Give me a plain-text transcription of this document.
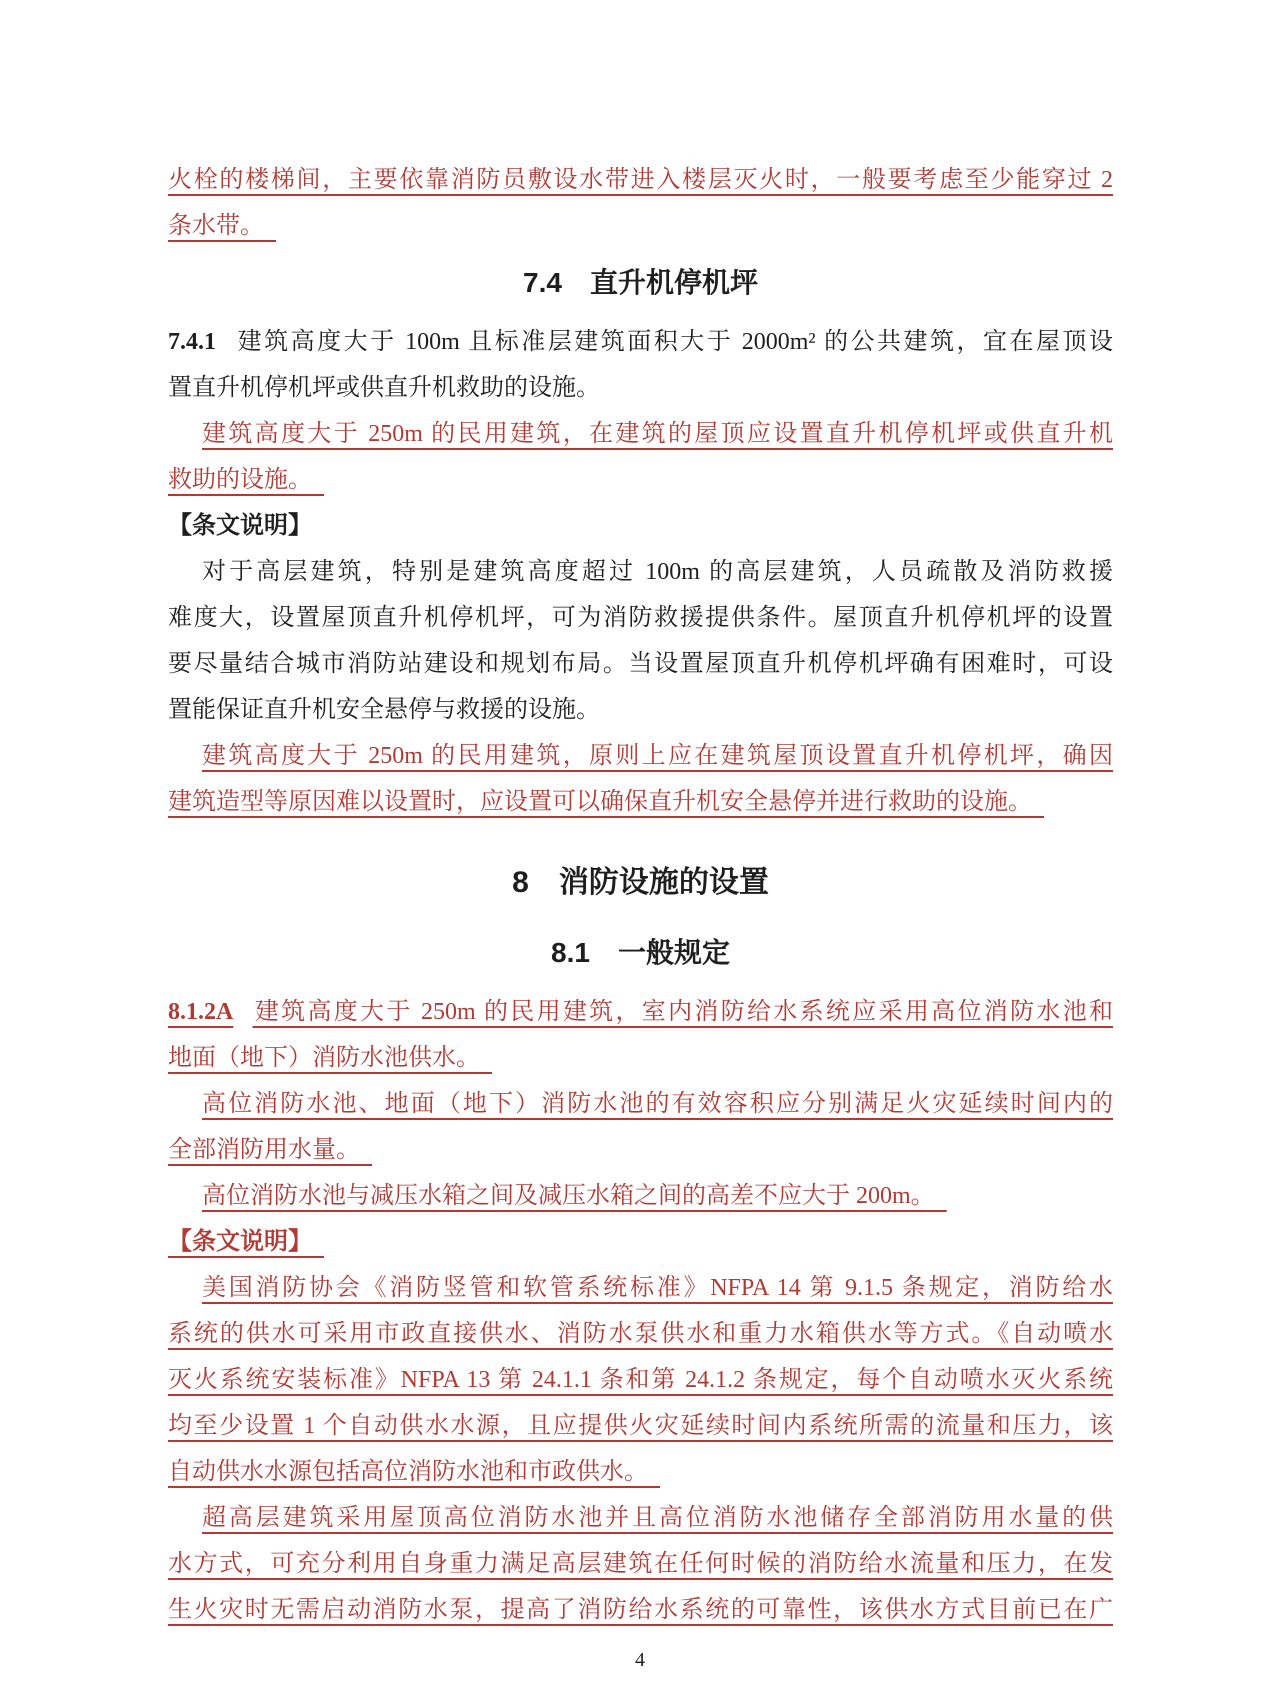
火栓的楼梯间，主要依靠消防员敷设水带进入楼层灭火时，一般要考虑至少能穿过 2
条水带。　
7.4　直升机停机坪
7.4.1 建筑高度大于 100m 且标准层建筑面积大于 2000m² 的公共建筑，宜在屋顶设
置直升机停机坪或供直升机救助的设施。
建筑高度大于 250m 的民用建筑，在建筑的屋顶应设置直升机停机坪或供直升机
救助的设施。　
【条文说明】
对于高层建筑，特别是建筑高度超过 100m 的高层建筑，人员疏散及消防救援
难度大，设置屋顶直升机停机坪，可为消防救援提供条件。屋顶直升机停机坪的设置
要尽量结合城市消防站建设和规划布局。当设置屋顶直升机停机坪确有困难时，可设
置能保证直升机安全悬停与救援的设施。
建筑高度大于 250m 的民用建筑，原则上应在建筑屋顶设置直升机停机坪，确因
建筑造型等原因难以设置时，应设置可以确保直升机安全悬停并进行救助的设施。　
8　消防设施的设置
8.1　一般规定
8.1.2A 建筑高度大于 250m 的民用建筑，室内消防给水系统应采用高位消防水池和
地面（地下）消防水池供水。　
高位消防水池、地面（地下）消防水池的有效容积应分别满足火灾延续时间内的
全部消防用水量。　
高位消防水池与减压水箱之间及减压水箱之间的高差不应大于 200m。　
【条文说明】　
美国消防协会《消防竖管和软管系统标准》NFPA 14 第 9.1.5 条规定，消防给水
系统的供水可采用市政直接供水、消防水泵供水和重力水箱供水等方式。《自动喷水
灭火系统安装标准》NFPA 13 第 24.1.1 条和第 24.1.2 条规定，每个自动喷水灭火系统
均至少设置 1 个自动供水水源，且应提供火灾延续时间内系统所需的流量和压力，该
自动供水水源包括高位消防水池和市政供水。　
超高层建筑采用屋顶高位消防水池并且高位消防水池储存全部消防用水量的供
水方式，可充分利用自身重力满足高层建筑在任何时候的消防给水流量和压力，在发
生火灾时无需启动消防水泵，提高了消防给水系统的可靠性，该供水方式目前已在广
4
